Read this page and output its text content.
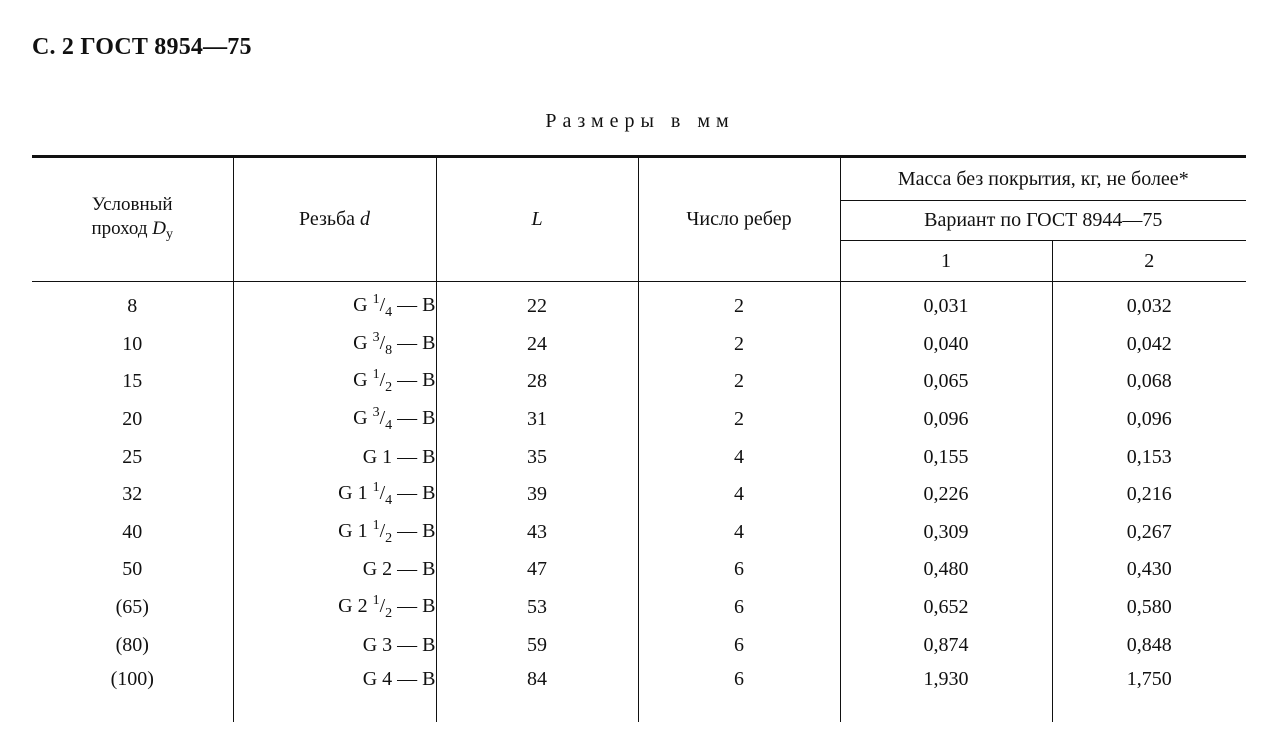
С. 2 ГОСТ 8954—75
Размеры в мм
Условный
проход $D_у$	Резьба d	L	Число ребер	Масса без покрытия, кг, не более*	
				Вариант по ГОСТ 8944—75	
				1	2
8	G $^1/_4$ — B	22	2	0,031	0,032
10	G $^3/_8$ — B	24	2	0,040	0,042
15	G $^1/_2$ — B	28	2	0,065	0,068
20	G $^3/_4$ — B	31	2	0,096	0,096
25	G 1 — B	35	4	0,155	0,153
32	G 1 $^1/_4$ — B	39	4	0,226	0,216
40	G 1 $^1/_2$ — B	43	4	0,309	0,267
50	G 2 — B	47	6	0,480	0,430
(65)	G 2 $^1/_2$ — B	53	6	0,652	0,580
(80)	G 3 — B	59	6	0,874	0,848
(100)	G 4 — B	84	6	1,930	1,750
